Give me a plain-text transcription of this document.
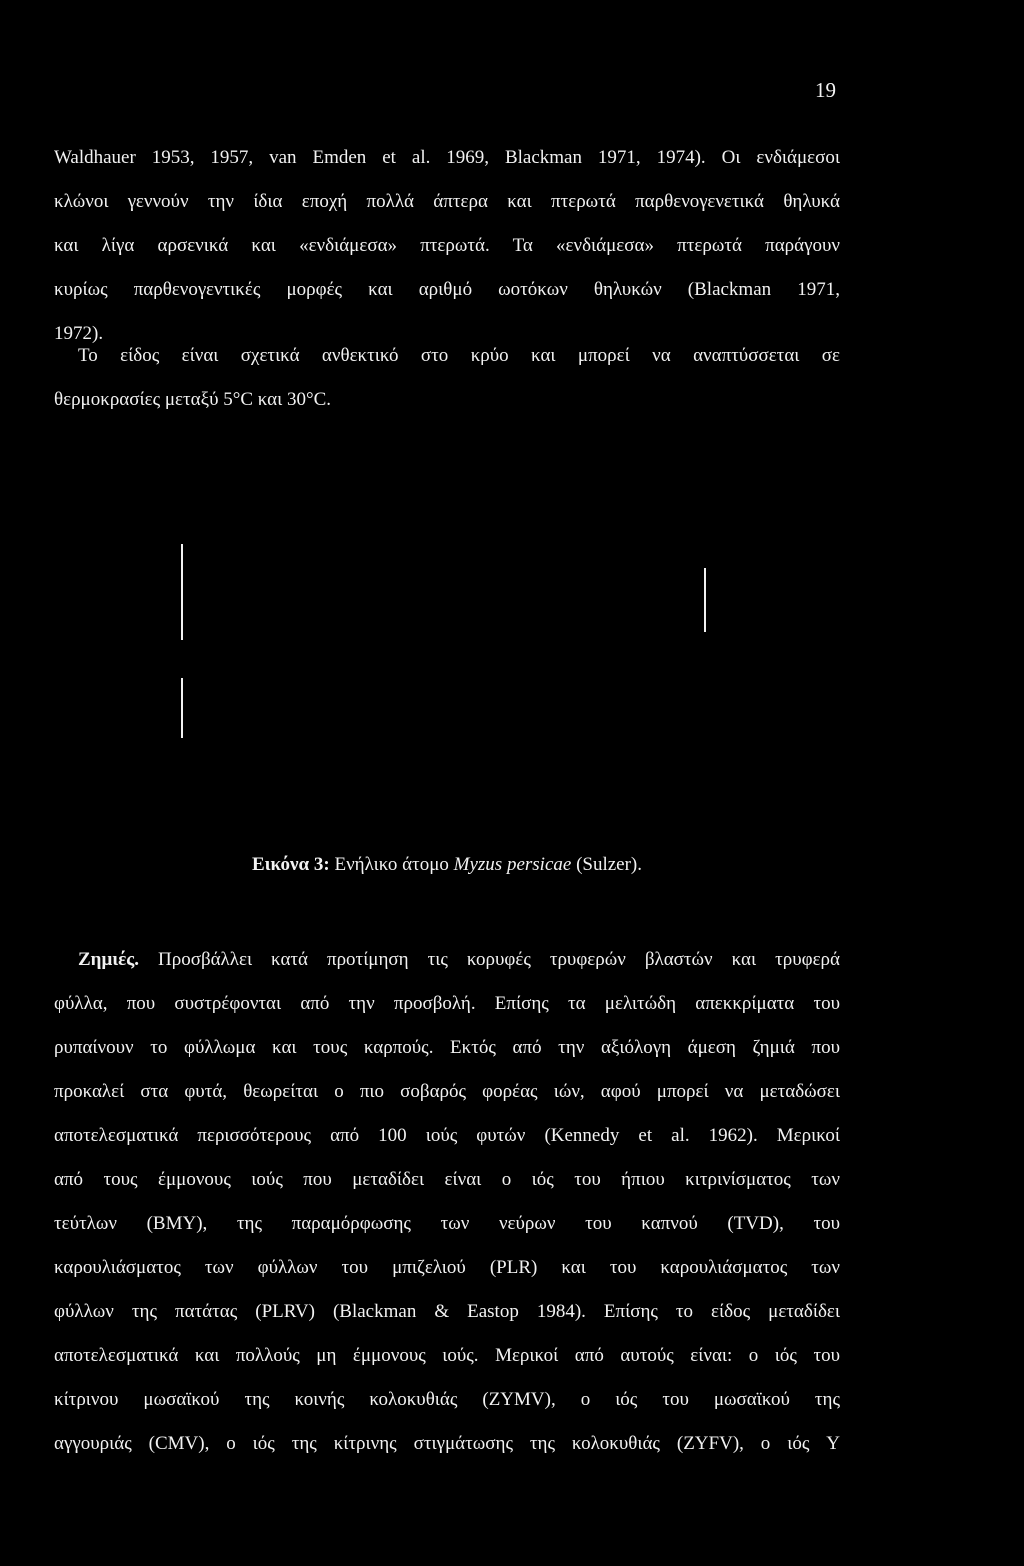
19
Waldhauer 1953, 1957, van Emden et al. 1969, Blackman 1971, 1974). Οι ενδιάμεσοι
κλώνοι γεννούν την ίδια εποχή πολλά άπτερα και πτερωτά παρθενογενετικά θηλυκά
και λίγα αρσενικά και «ενδιάμεσα» πτερωτά. Τα «ενδιάμεσα» πτερωτά παράγουν
κυρίως παρθενογεντικές μορφές και αριθμό ωοτόκων θηλυκών (Blackman 1971,
1972).
Το είδος είναι σχετικά ανθεκτικό στο κρύο και μπορεί να αναπτύσσεται σε
θερμοκρασίες μεταξύ 5°C και 30°C.
Εικόνα 3: Ενήλικο άτομο Myzus persicae (Sulzer).
Ζημιές. Προσβάλλει κατά προτίμηση τις κορυφές τρυφερών βλαστών και τρυφερά
φύλλα, που συστρέφονται από την προσβολή. Επίσης τα μελιτώδη απεκκρίματα του
ρυπαίνουν το φύλλωμα και τους καρπούς. Εκτός από την αξιόλογη άμεση ζημιά που
προκαλεί στα φυτά, θεωρείται ο πιο σοβαρός φορέας ιών, αφού μπορεί να μεταδώσει
αποτελεσματικά περισσότερους από 100 ιούς φυτών (Kennedy et al. 1962). Μερικοί
από τους έμμονους ιούς που μεταδίδει είναι ο ιός του ήπιου κιτρινίσματος των
τεύτλων (BMY), της παραμόρφωσης των νεύρων του καπνού (TVD), του
καρουλιάσματος των φύλλων του μπιζελιού (PLR) και του καρουλιάσματος των
φύλλων της πατάτας (PLRV) (Blackman & Eastop 1984). Επίσης το είδος μεταδίδει
αποτελεσματικά και πολλούς μη έμμονους ιούς. Μερικοί από αυτούς είναι: ο ιός του
κίτρινου μωσαϊκού της κοινής κολοκυθιάς (ZYMV), ο ιός του μωσαϊκού της
αγγουριάς (CMV), ο ιός της κίτρινης στιγμάτωσης της κολοκυθιάς (ZYFV), ο ιός Y
